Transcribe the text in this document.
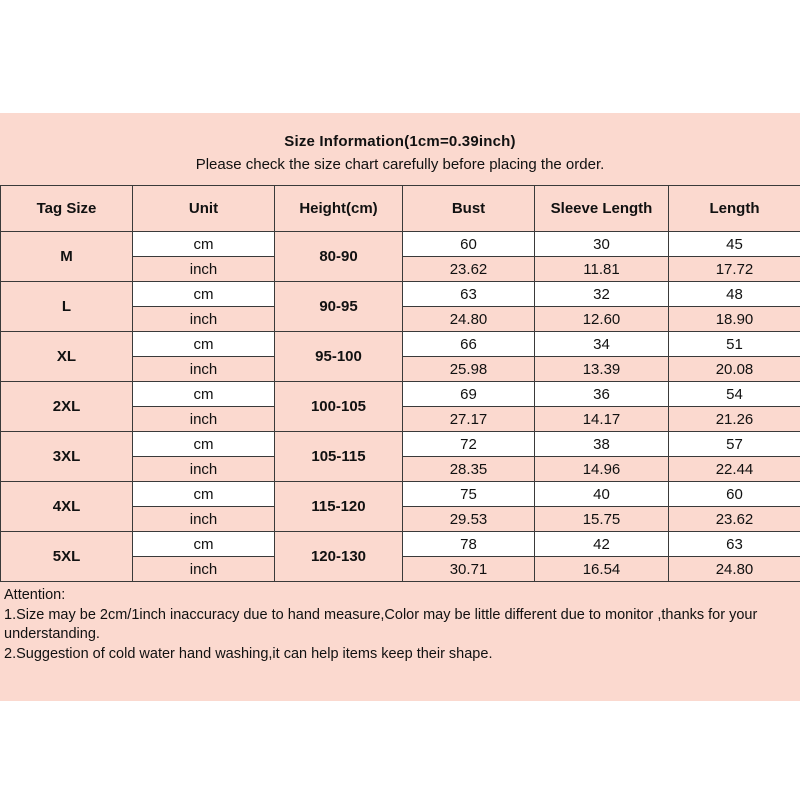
Size Information(1cm=0.39inch)
Please check the size chart carefully before placing the order.
Tag Size	Unit	Height(cm)	Bust	Sleeve Length	Length
M	cm	80-90	60	30	45
	inch		23.62	11.81	17.72
L	cm	90-95	63	32	48
	inch		24.80	12.60	18.90
XL	cm	95-100	66	34	51
	inch		25.98	13.39	20.08
2XL	cm	100-105	69	36	54
	inch		27.17	14.17	21.26
3XL	cm	105-115	72	38	57
	inch		28.35	14.96	22.44
4XL	cm	115-120	75	40	60
	inch		29.53	15.75	23.62
5XL	cm	120-130	78	42	63
	inch		30.71	16.54	24.80
Attention:
1.Size may be 2cm/1inch inaccuracy due to hand measure,Color may be little different due to monitor ,thanks for your understanding.
2.Suggestion of cold water hand washing,it can help items keep their shape.
